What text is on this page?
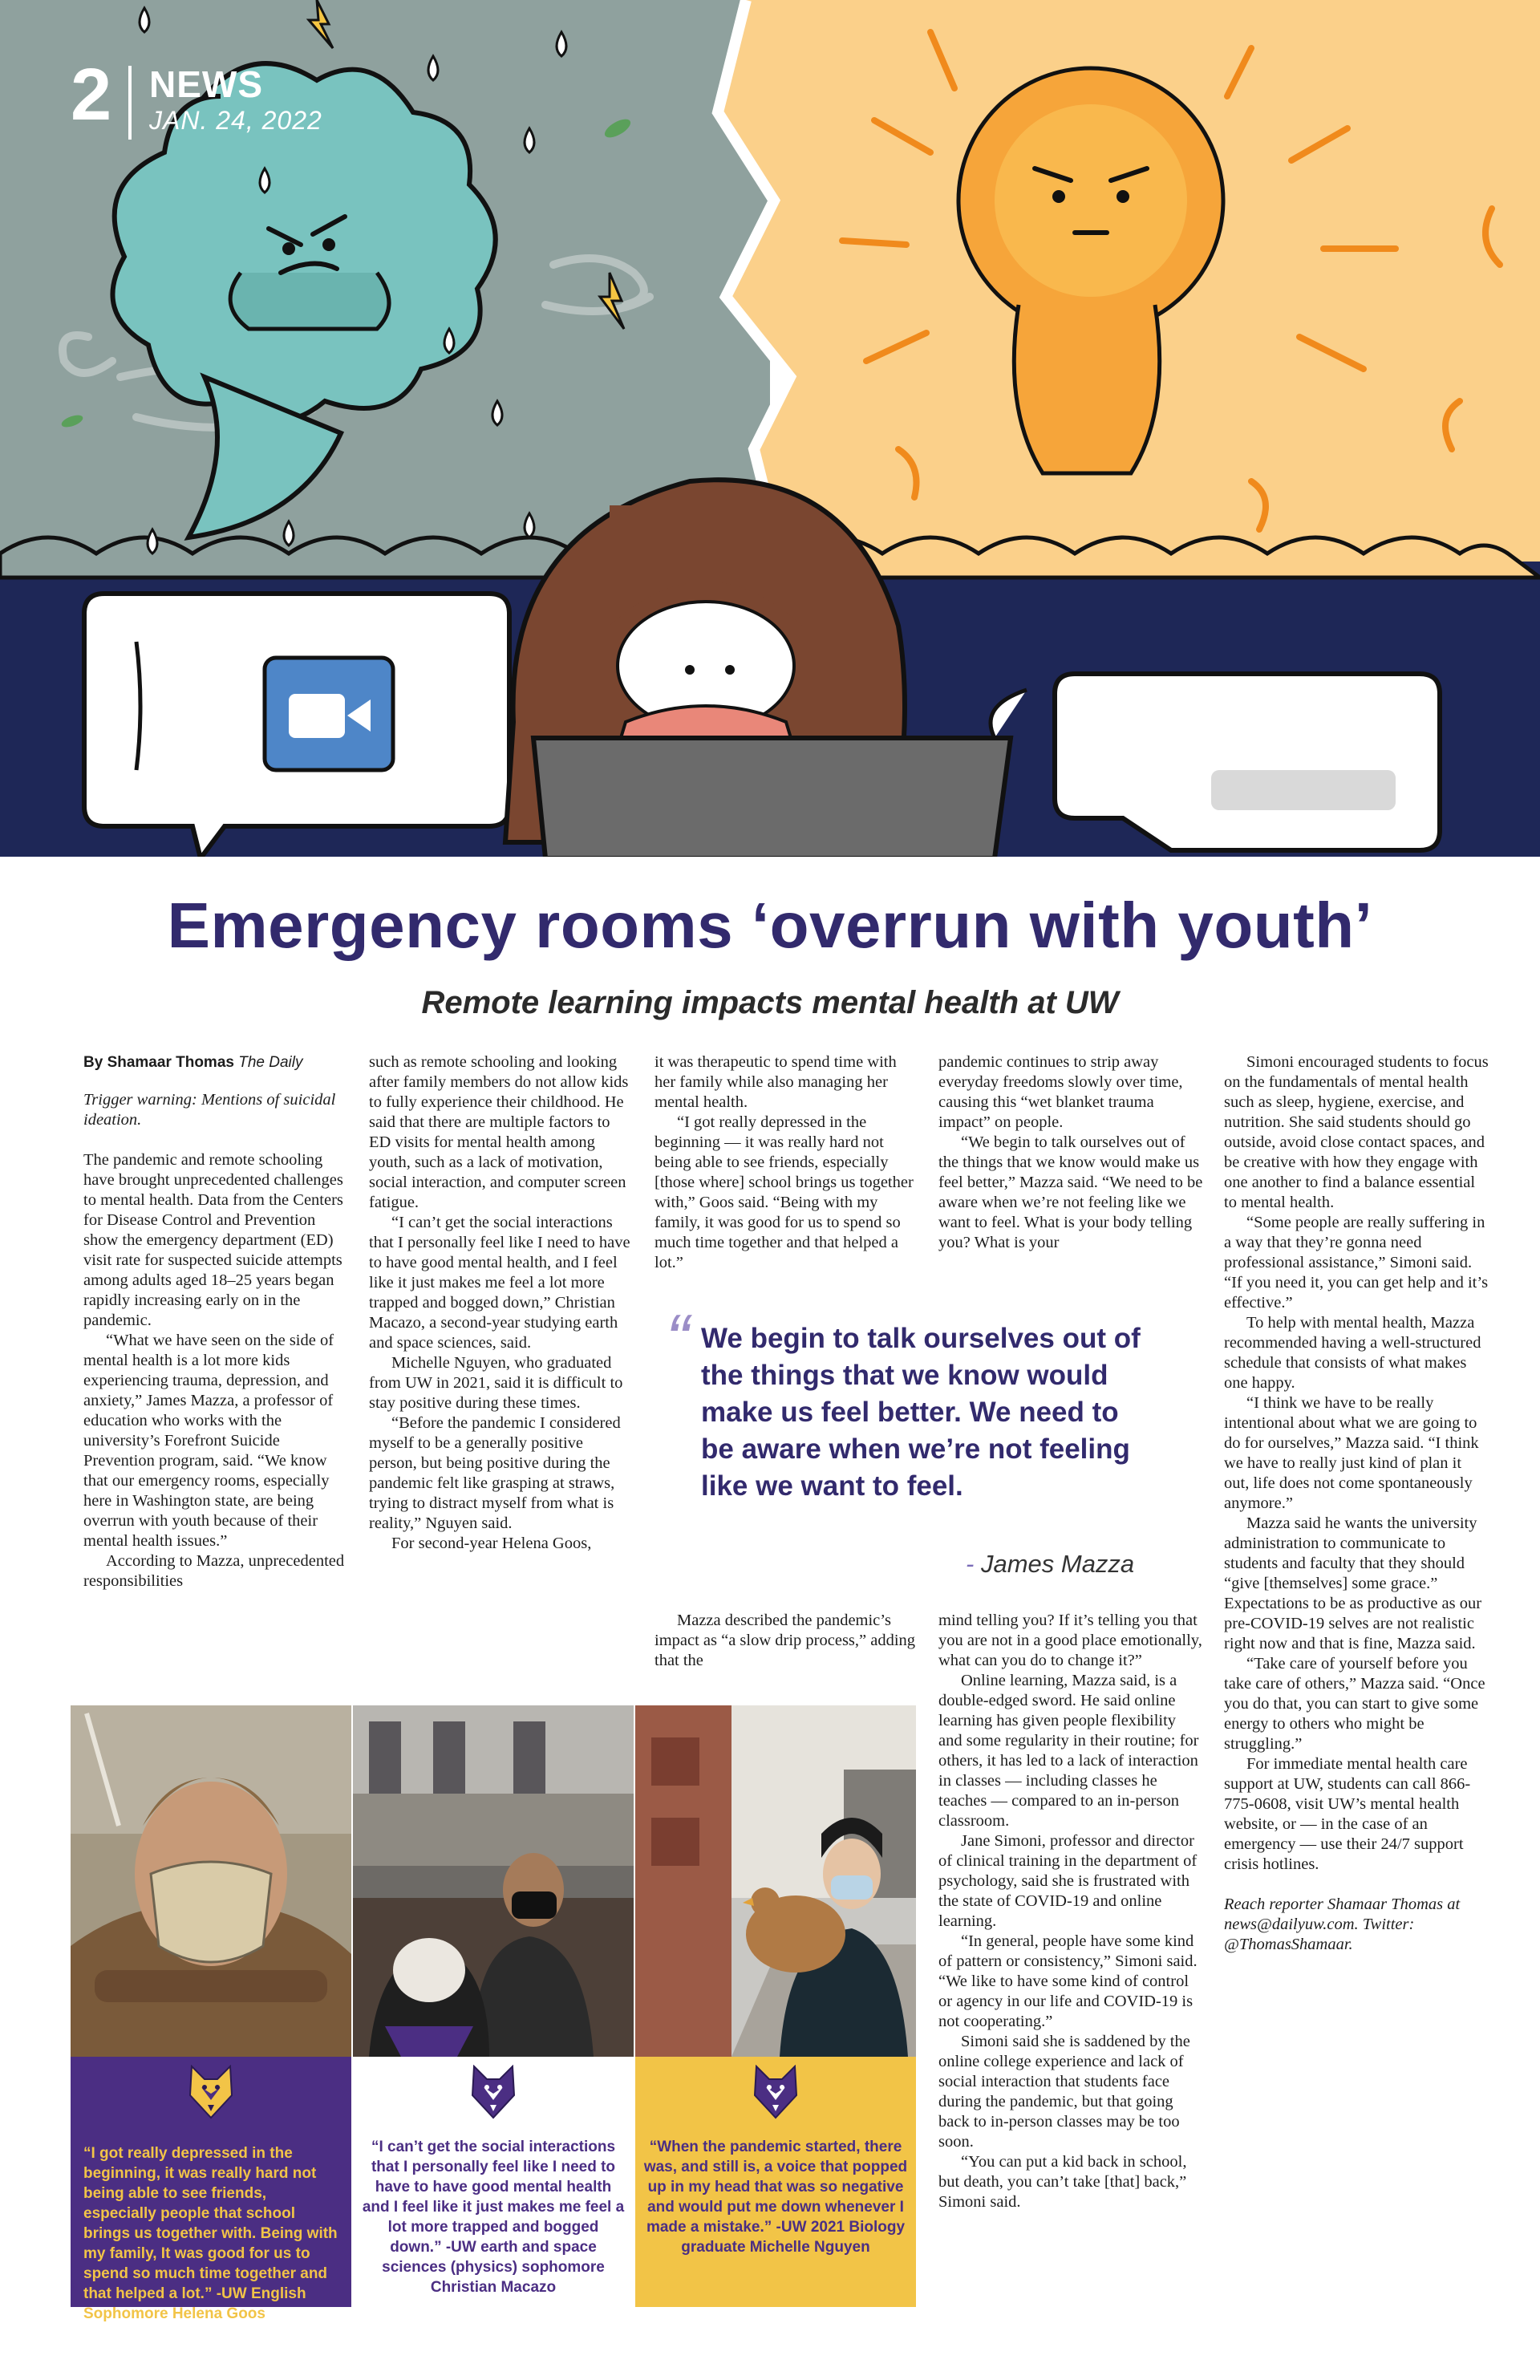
2 NEWS
JAN. 24, 2022
Emergency rooms ‘overrun with youth’
Remote learning impacts mental health at UW
By Shamaar Thomas The Daily

Trigger warning: Mentions of suicidal ideation.

The pandemic and remote schooling have brought unprecedented challenges to mental health. Data from the Centers for Disease Control and Prevention show the emergency department (ED) visit rate for suspected suicide attempts among adults aged 18–25 years began rapidly increasing early on in the pandemic.

“What we have seen on the side of mental health is a lot more kids experiencing trauma, depression, and anxiety,” James Mazza, a professor of education who works with the university’s Forefront Suicide Prevention program, said. “We know that our emergency rooms, especially here in Washington state, are being overrun with youth because of their mental health issues.”

According to Mazza, unprecedented responsibilities

such as remote schooling and looking after family members do not allow kids to fully experience their childhood. He said that there are multiple factors to ED visits for mental health among youth, such as a lack of motivation, social interaction, and computer screen fatigue.

“I can’t get the social interactions that I personally feel like I need to have to have good mental health, and I feel like it just makes me feel a lot more trapped and bogged down,” Christian Macazo, a second-year studying earth and space sciences, said.

Michelle Nguyen, who graduated from UW in 2021, said it is difficult to stay positive during these times.

“Before the pandemic I considered myself to be a generally positive person, but being positive during the pandemic felt like grasping at straws, trying to distract myself from what is reality,” Nguyen said.

For second-year Helena Goos,

it was therapeutic to spend time with her family while also managing her mental health.

“I got really depressed in the beginning — it was really hard not being able to see friends, especially [those where] school brings us together with,” Goos said. “Being with my family, it was good for us to spend so much time together and that helped a lot.”

pandemic continues to strip away everyday freedoms slowly over time, causing this “wet blanket trauma impact” on people.

“We begin to talk ourselves out of the things that we know would make us feel better,” Mazza said. “We need to be aware when we’re not feeling like we want to feel. What is your body telling you? What is your

“ We begin to talk ourselves out of the things that we know would make us feel better. We need to be aware when we’re not feeling like we want to feel.
- James Mazza

Mazza described the pandemic’s impact as “a slow drip process,” adding that the

mind telling you? If it’s telling you that you are not in a good place emotionally, what can you do to change it?”

Online learning, Mazza said, is a double-edged sword. He said online learning has given people flexibility and some regularity in their routine; for others, it has led to a lack of interaction in classes — including classes he teaches — compared to an in-person classroom.

Jane Simoni, professor and director of clinical training in the department of psychology, said she is frustrated with the state of COVID-19 and online learning.

“In general, people have some kind of pattern or consistency,” Simoni said. “We like to have some kind of control or agency in our life and COVID-19 is not cooperating.”

Simoni said she is saddened by the online college experience and lack of social interaction that students face during the pandemic, but that going back to in-person classes may be too soon.

“You can put a kid back in school, but death, you can’t take [that] back,” Simoni said.

Simoni encouraged students to focus on the fundamentals of mental health such as sleep, hygiene, exercise, and nutrition. She said students should go outside, avoid close contact spaces, and be creative with how they engage with one another to find a balance essential to mental health.

“Some people are really suffering in a way that they’re gonna need professional assistance,” Simoni said. “If you need it, you can get help and it’s effective.”

To help with mental health, Mazza recommended having a well-structured schedule that consists of what makes one happy.

“I think we have to be really intentional about what we are going to do for ourselves,” Mazza said. “I think we have to really just kind of plan it out, life does not come spontaneously anymore.”

Mazza said he wants the university administration to communicate to students and faculty that they should “give [themselves] some grace.” Expectations to be as productive as our pre-COVID-19 selves are not realistic right now and that is fine, Mazza said.

“Take care of yourself before you take care of others,” Mazza said. “Once you do that, you can start to give some energy to others who might be struggling.”

For immediate mental health care support at UW, students can call 866-775-0608, visit UW’s mental health website, or — in the case of an emergency — use their 24/7 support crisis hotlines.

Reach reporter Shamaar Thomas at news@dailyuw.com. Twitter: @ThomasShamaar.

“I got really depressed in the beginning, it was really hard not being able to see friends, especially people that school brings us together with. Being with my family, It was good for us to spend so much time together and that helped a lot.” -UW English Sophomore Helena Goos
“I can’t get the social interactions that I personally feel like I need to have to have good mental health and I feel like it just makes me feel a lot more trapped and bogged down.” -UW earth and space sciences (physics) sophomore Christian Macazo
“When the pandemic started, there was, and still is, a voice that popped up in my head that was so negative and would put me down whenever I made a mistake.” -UW 2021 Biology graduate Michelle Nguyen
